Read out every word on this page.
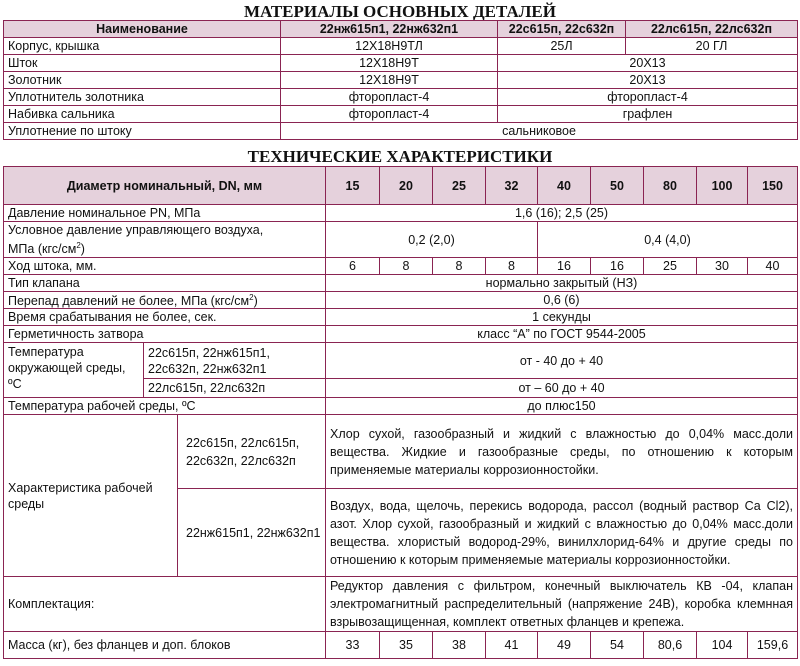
МАТЕРИАЛЫ ОСНОВНЫХ ДЕТАЛЕЙ
Наименование	22нж615п1, 22нж632п1	22с615п, 22с632п	22лс615п, 22лс632п
Корпус, крышка	12Х18Н9ТЛ	25Л	20 ГЛ
Шток	12Х18Н9Т	20Х13	
Золотник	12Х18Н9Т	20Х13	
Уплотнитель золотника	фторопласт-4	фторопласт-4	
Набивка сальника	фторопласт-4	графлен	
Уплотнение по штоку	сальниковое		
ТЕХНИЧЕСКИЕ ХАРАКТЕРИСТИКИ
Диаметр номинальный, DN, мм			15	20	25	32	40	50	80	100	150
Давление номинальное PN, МПа			1,6 (16); 2,5 (25)								
Условное давление управляющего воздуха,
МПа $(кгс/см^2)$			0,2 (2,0)				0,4 (4,0)				
Ход штока, мм.			6	8	8	8	16	16	25	30	40
Тип клапана			нормально закрытый (НЗ)								
Перепад давлений не более, МПа $(кгс/см^2)$			0,6 (6)								
Время срабатывания не более, сек.			1 секунды								
Герметичность затвора			класс “А” по ГОСТ 9544-2005								
Температура окружающей среды, ºС	22с615п, 22нж615п1, 22с632п, 22нж632п1		от - 40 до + 40								
	22лс615п, 22лс632п		от – 60 до + 40								
Температура рабочей среды, ºС			до плюс150								
Характеристика рабочей среды		22с615п, 22лс615п, 22с632п, 22лс632п	Хлор сухой, газообразный и жидкий с влажностью до 0,04% масс.доли вещества. Жидкие и газообразные среды, по отношению к которым применяемые материалы коррозионностойки.								
		22нж615п1, 22нж632п1	Воздух, вода, щелочь, перекись водорода, рассол (водный раствор Са Cl2), азот. Хлор сухой, газообразный и жидкий с влажностью до 0,04% масс.доли вещества. хлористый водород-29%, винилхлорид-64% и другие среды по отношению к которым применяемые материалы коррозионностойки.								
Комплектация:			Редуктор давления с фильтром, конечный выключатель КВ -04, клапан электромагнитный распределительный (напряжение 24В), коробка клемнная взрывозащищенная, комплект ответных фланцев и крепежа.								
Масса (кг), без фланцев и доп. блоков			33	35	38	41	49	54	80,6	104	159,6
